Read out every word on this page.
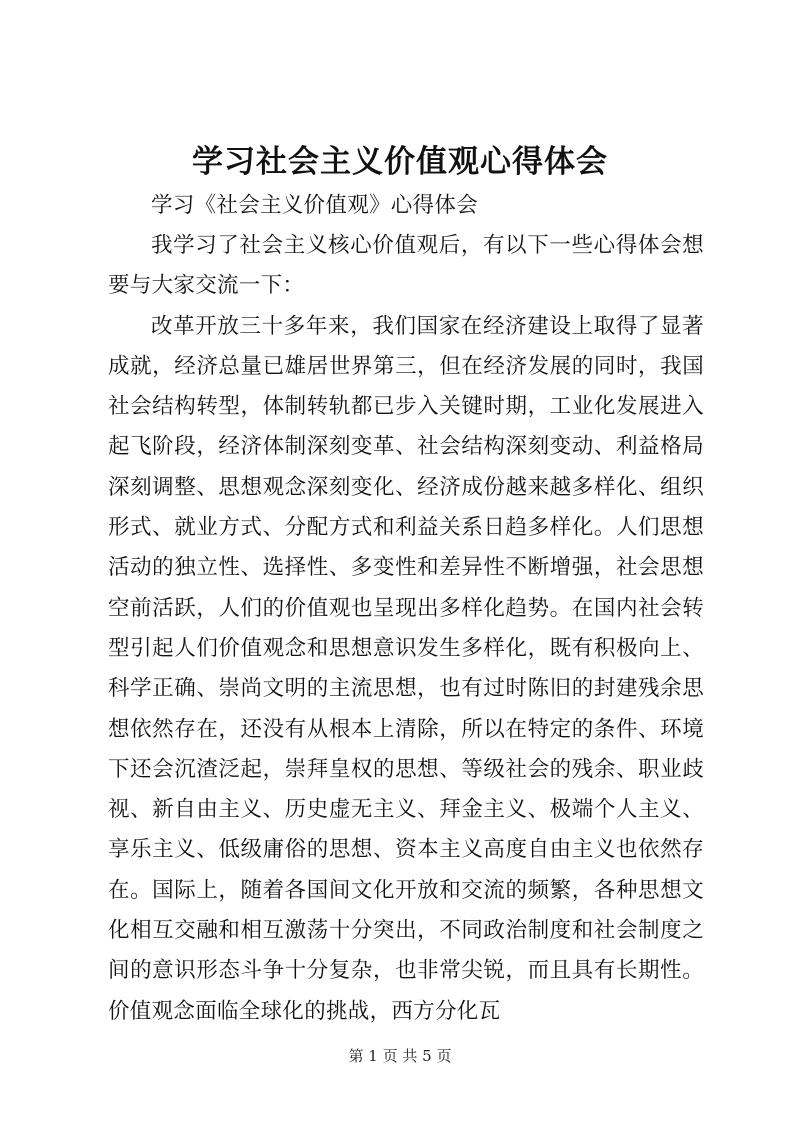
学习社会主义价值观心得体会

学习《社会主义价值观》心得体会

我学习了社会主义核心价值观后，有以下一些心得体会想要与大家交流一下：

改革开放三十多年来，我们国家在经济建设上取得了显著成就，经济总量已雄居世界第三，但在经济发展的同时，我国社会结构转型，体制转轨都已步入关键时期，工业化发展进入起飞阶段，经济体制深刻变革、社会结构深刻变动、利益格局深刻调整、思想观念深刻变化、经济成份越来越多样化、组织形式、就业方式、分配方式和利益关系日趋多样化。人们思想活动的独立性、选择性、多变性和差异性不断增强，社会思想空前活跃，人们的价值观也呈现出多样化趋势。在国内社会转型引起人们价值观念和思想意识发生多样化，既有积极向上、科学正确、崇尚文明的主流思想，也有过时陈旧的封建残余思想依然存在，还没有从根本上清除，所以在特定的条件、环境下还会沉渣泛起，崇拜皇权的思想、等级社会的残余、职业歧视、新自由主义、历史虚无主义、拜金主义、极端个人主义、享乐主义、低级庸俗的思想、资本主义高度自由主义也依然存在。国际上，随着各国间文化开放和交流的频繁，各种思想文化相互交融和相互激荡十分突出，不同政治制度和社会制度之间的意识形态斗争十分复杂，也非常尖锐，而且具有长期性。价值观念面临全球化的挑战，西方分化瓦

第 1 页 共 5 页
